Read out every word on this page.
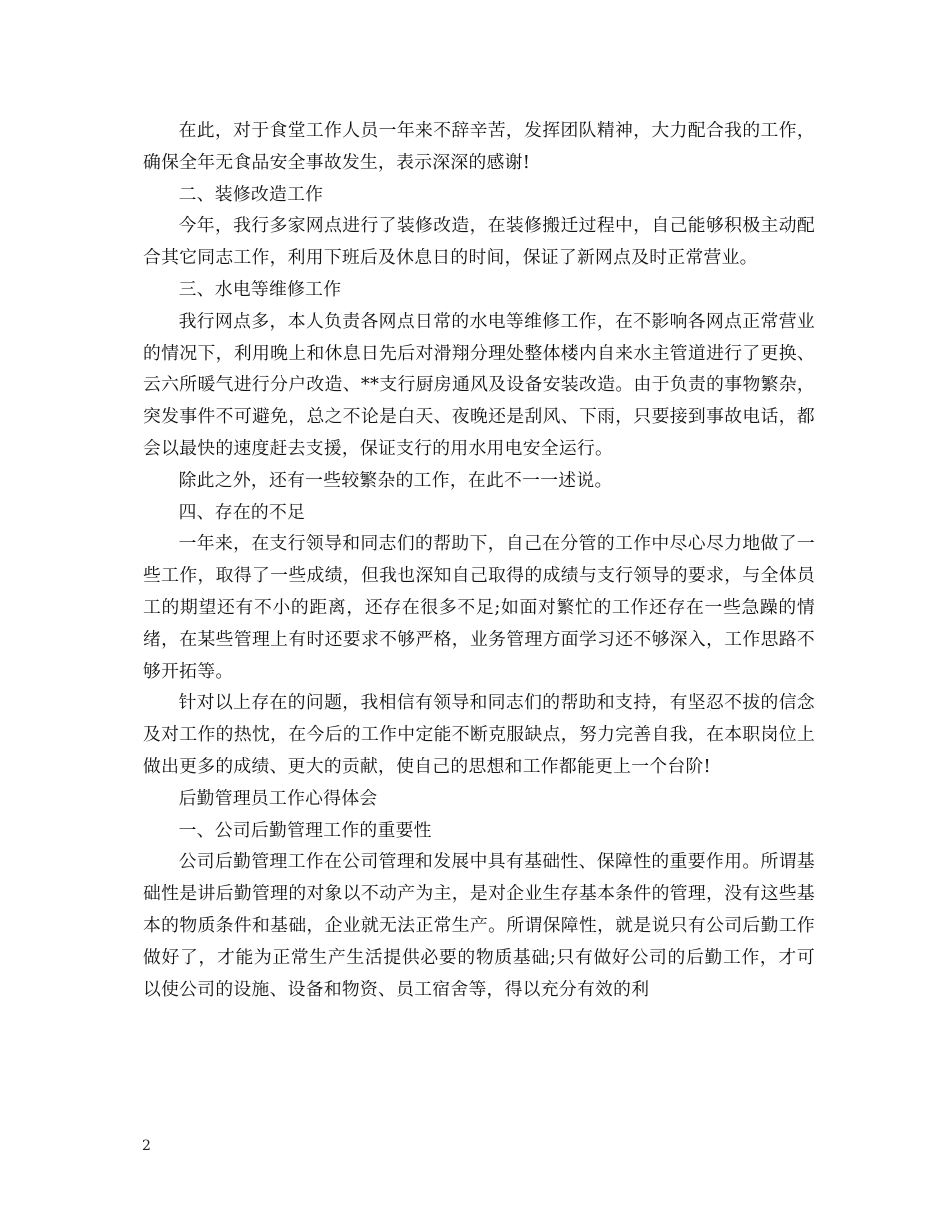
在此，对于食堂工作人员一年来不辞辛苦，发挥团队精神，大力配合我的工作，确保全年无食品安全事故发生，表示深深的感谢!

二、装修改造工作

今年，我行多家网点进行了装修改造，在装修搬迁过程中，自己能够积极主动配合其它同志工作，利用下班后及休息日的时间，保证了新网点及时正常营业。

三、水电等维修工作

我行网点多，本人负责各网点日常的水电等维修工作，在不影响各网点正常营业的情况下，利用晚上和休息日先后对滑翔分理处整体楼内自来水主管道进行了更换、云六所暖气进行分户改造、**支行厨房通风及设备安装改造。由于负责的事物繁杂，突发事件不可避免，总之不论是白天、夜晚还是刮风、下雨，只要接到事故电话，都会以最快的速度赶去支援，保证支行的用水用电安全运行。

除此之外，还有一些较繁杂的工作，在此不一一述说。

四、存在的不足

一年来，在支行领导和同志们的帮助下，自己在分管的工作中尽心尽力地做了一些工作，取得了一些成绩，但我也深知自己取得的成绩与支行领导的要求，与全体员工的期望还有不小的距离，还存在很多不足;如面对繁忙的工作还存在一些急躁的情绪，在某些管理上有时还要求不够严格，业务管理方面学习还不够深入，工作思路不够开拓等。

针对以上存在的问题，我相信有领导和同志们的帮助和支持，有坚忍不拔的信念及对工作的热忱，在今后的工作中定能不断克服缺点，努力完善自我，在本职岗位上做出更多的成绩、更大的贡献，使自己的思想和工作都能更上一个台阶!

后勤管理员工作心得体会

一、公司后勤管理工作的重要性

公司后勤管理工作在公司管理和发展中具有基础性、保障性的重要作用。所谓基础性是讲后勤管理的对象以不动产为主，是对企业生存基本条件的管理，没有这些基本的物质条件和基础，企业就无法正常生产。所谓保障性，就是说只有公司后勤工作做好了，才能为正常生产生活提供必要的物质基础;只有做好公司的后勤工作，才可以使公司的设施、设备和物资、员工宿舍等，得以充分有效的利

2
